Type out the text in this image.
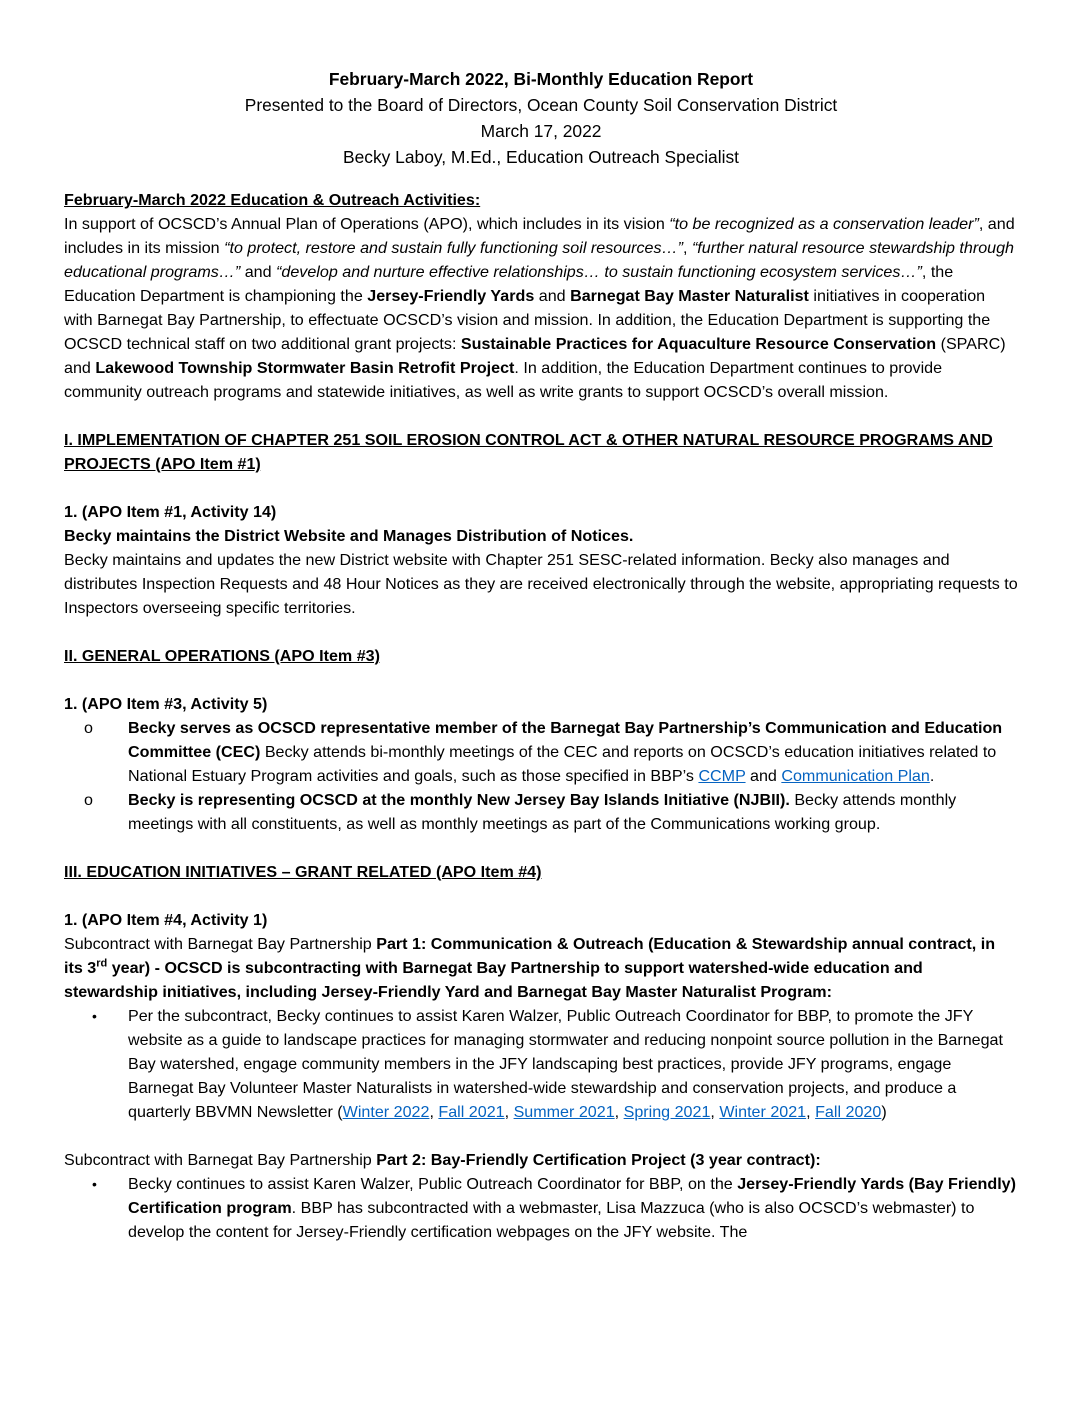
February-March 2022, Bi-Monthly Education Report
Presented to the Board of Directors, Ocean County Soil Conservation District
March 17, 2022
Becky Laboy, M.Ed., Education Outreach Specialist

February-March 2022 Education & Outreach Activities:

In support of OCSCD’s Annual Plan of Operations (APO), which includes in its vision “to be recognized as a conservation leader”, and includes in its mission “to protect, restore and sustain fully functioning soil resources…”, “further natural resource stewardship through educational programs…” and “develop and nurture effective relationships… to sustain functioning ecosystem services…”, the Education Department is championing the Jersey-Friendly Yards and Barnegat Bay Master Naturalist initiatives in cooperation with Barnegat Bay Partnership, to effectuate OCSCD’s vision and mission. In addition, the Education Department is supporting the OCSCD technical staff on two additional grant projects: Sustainable Practices for Aquaculture Resource Conservation (SPARC) and Lakewood Township Stormwater Basin Retrofit Project. In addition, the Education Department continues to provide community outreach programs and statewide initiatives, as well as write grants to support OCSCD’s overall mission.

I. IMPLEMENTATION OF CHAPTER 251 SOIL EROSION CONTROL ACT & OTHER NATURAL RESOURCE PROGRAMS AND PROJECTS (APO Item #1)

1. (APO Item #1, Activity 14)

Becky maintains the District Website and Manages Distribution of Notices.

Becky maintains and updates the new District website with Chapter 251 SESC-related information. Becky also manages and distributes Inspection Requests and 48 Hour Notices as they are received electronically through the website, appropriating requests to Inspectors overseeing specific territories.

II. GENERAL OPERATIONS (APO Item #3)

1. (APO Item #3, Activity 5)

o Becky serves as OCSCD representative member of the Barnegat Bay Partnership’s Communication and Education Committee (CEC) Becky attends bi-monthly meetings of the CEC and reports on OCSCD’s education initiatives related to National Estuary Program activities and goals, such as those specified in BBP’s CCMP and Communication Plan.
o Becky is representing OCSCD at the monthly New Jersey Bay Islands Initiative (NJBII). Becky attends monthly meetings with all constituents, as well as monthly meetings as part of the Communications working group.

III. EDUCATION INITIATIVES – GRANT RELATED (APO Item #4)

1. (APO Item #4, Activity 1)

Subcontract with Barnegat Bay Partnership Part 1: Communication & Outreach (Education & Stewardship annual contract, in its 3rd year) - OCSCD is subcontracting with Barnegat Bay Partnership to support watershed-wide education and stewardship initiatives, including Jersey-Friendly Yard and Barnegat Bay Master Naturalist Program:

• Per the subcontract, Becky continues to assist Karen Walzer, Public Outreach Coordinator for BBP, to promote the JFY website as a guide to landscape practices for managing stormwater and reducing nonpoint source pollution in the Barnegat Bay watershed, engage community members in the JFY landscaping best practices, provide JFY programs, engage Barnegat Bay Volunteer Master Naturalists in watershed-wide stewardship and conservation projects, and produce a quarterly BBVMN Newsletter (Winter 2022, Fall 2021, Summer 2021, Spring 2021, Winter 2021, Fall 2020)

Subcontract with Barnegat Bay Partnership Part 2: Bay-Friendly Certification Project (3 year contract):

• Becky continues to assist Karen Walzer, Public Outreach Coordinator for BBP, on the Jersey-Friendly Yards (Bay Friendly) Certification program. BBP has subcontracted with a webmaster, Lisa Mazzuca (who is also OCSCD’s webmaster) to develop the content for Jersey-Friendly certification webpages on the JFY website. The
